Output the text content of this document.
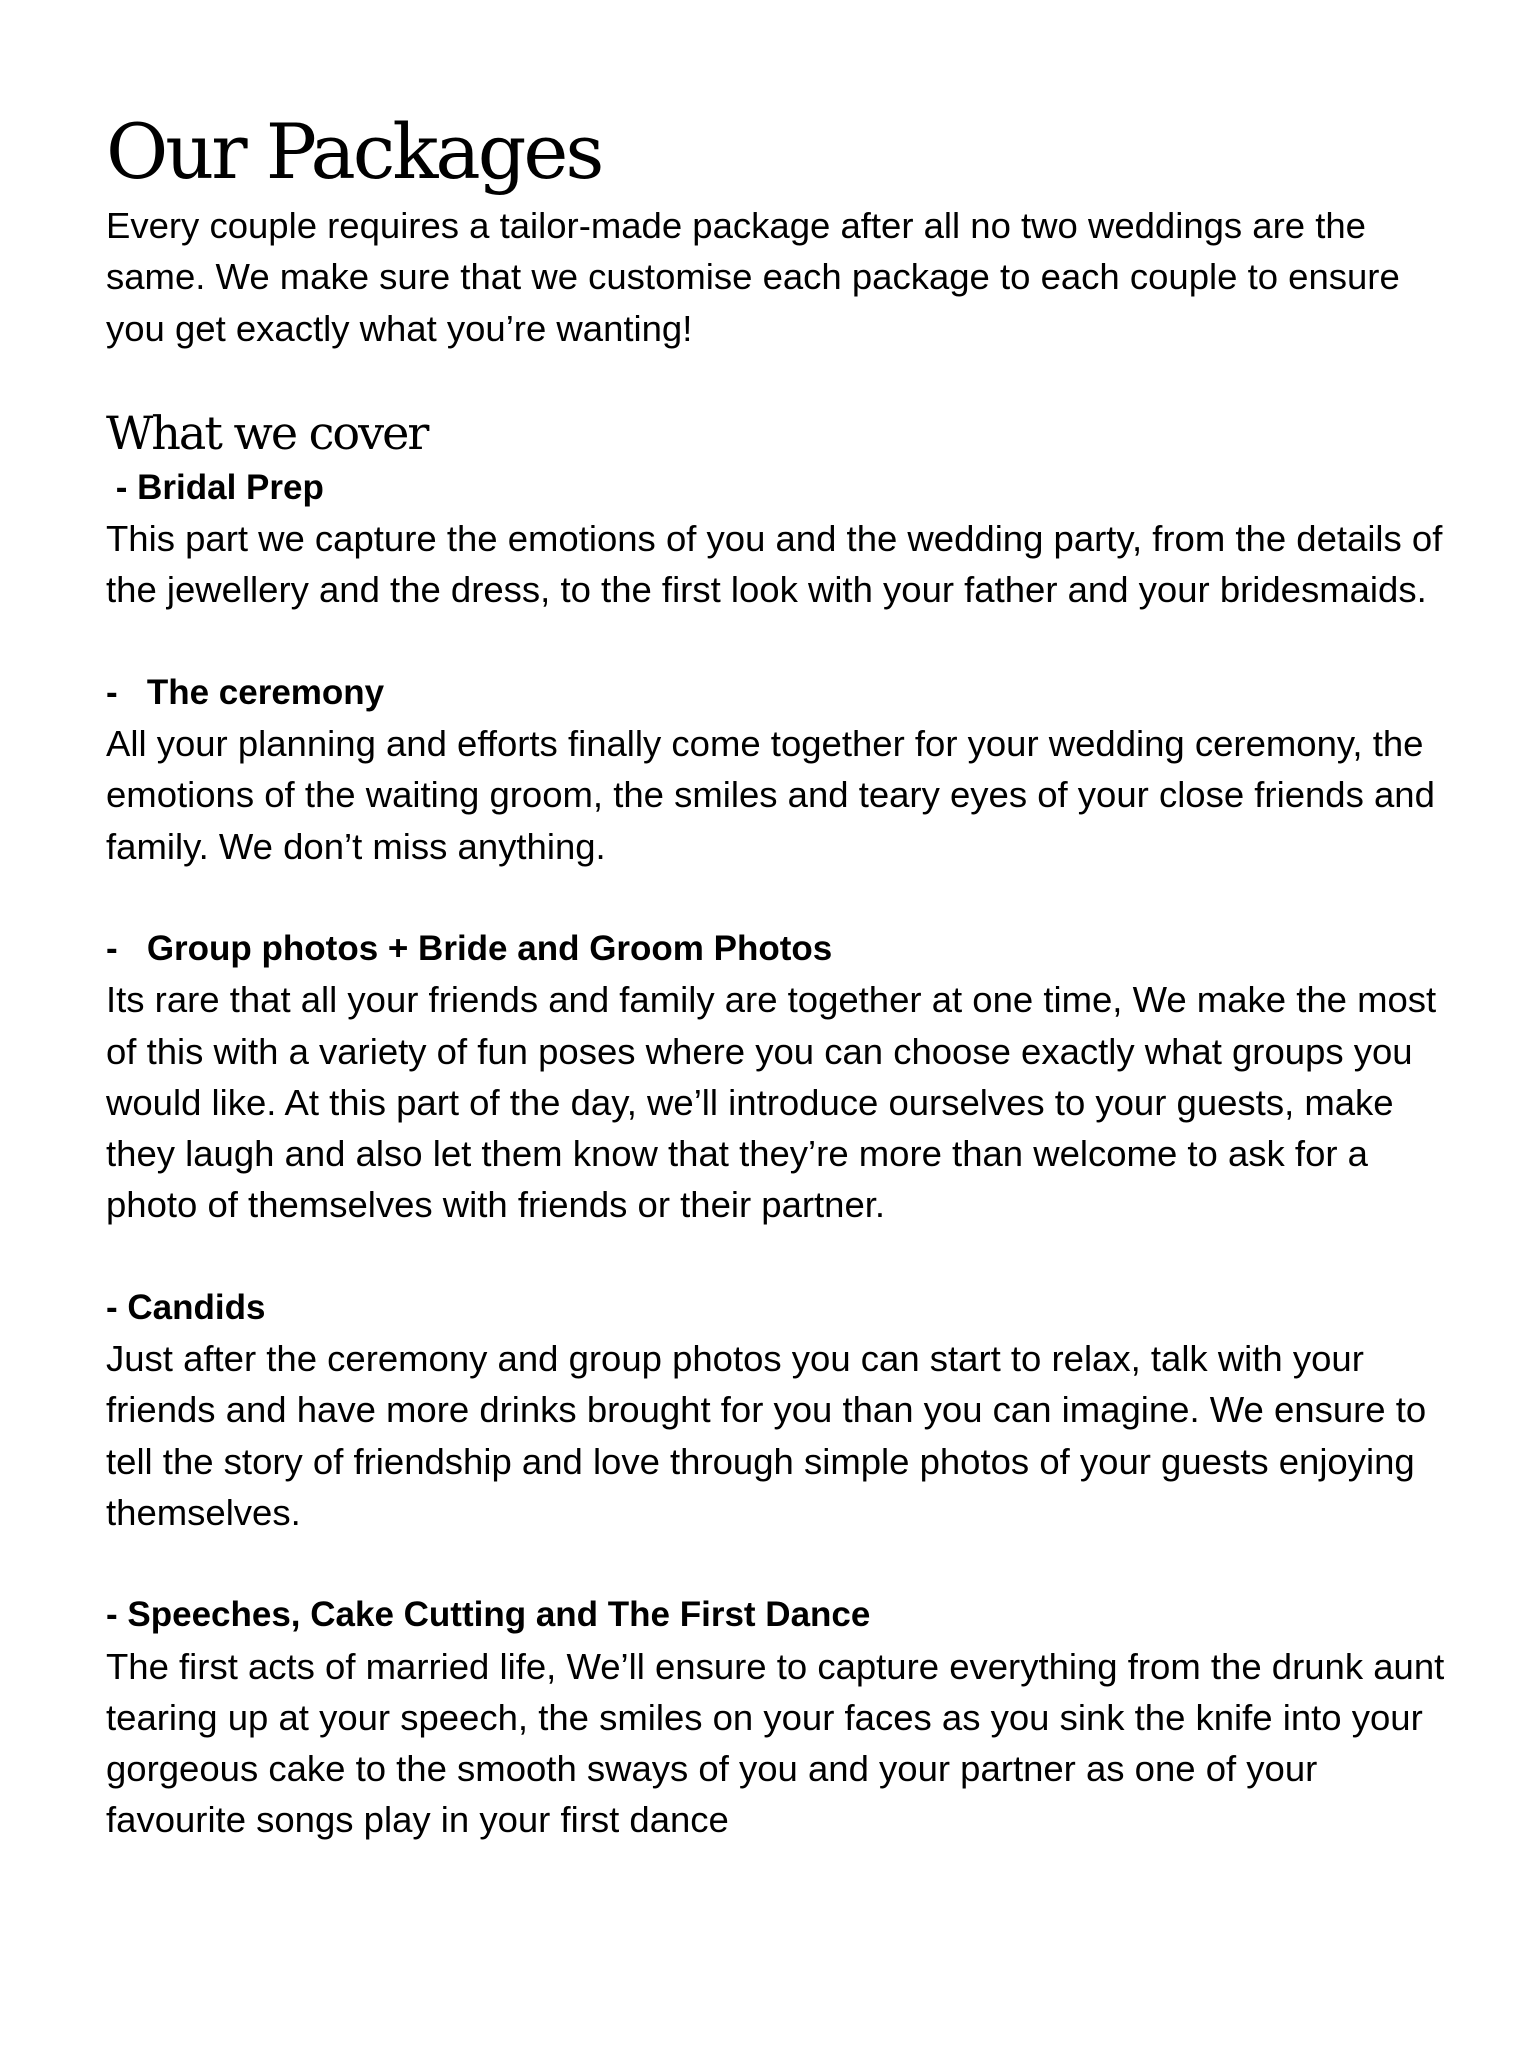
Our Packages

Every couple requires a tailor-made package after all no two weddings are the same. We make sure that we customise each package to each couple to ensure you get exactly what you’re wanting!

What we cover

- Bridal Prep

This part we capture the emotions of you and the wedding party, from the details of the jewellery and the dress, to the first look with your father and your bridesmaids.

-   The ceremony

All your planning and efforts finally come together for your wedding ceremony, the emotions of the waiting groom, the smiles and teary eyes of your close friends and family. We don’t miss anything.

-   Group photos + Bride and Groom Photos

Its rare that all your friends and family are together at one time, We make the most of this with a variety of fun poses where you can choose exactly what groups you would like. At this part of the day, we’ll introduce ourselves to your guests, make they laugh and also let them know that they’re more than welcome to ask for a photo of themselves with friends or their partner.

- Candids

Just after the ceremony and group photos you can start to relax, talk with your friends and have more drinks brought for you than you can imagine. We ensure to tell the story of friendship and love through simple photos of your guests enjoying themselves.

- Speeches, Cake Cutting and The First Dance

The first acts of married life, We’ll ensure to capture everything from the drunk aunt tearing up at your speech, the smiles on your faces as you sink the knife into your gorgeous cake to the smooth sways of you and your partner as one of your favourite songs play in your first dance
